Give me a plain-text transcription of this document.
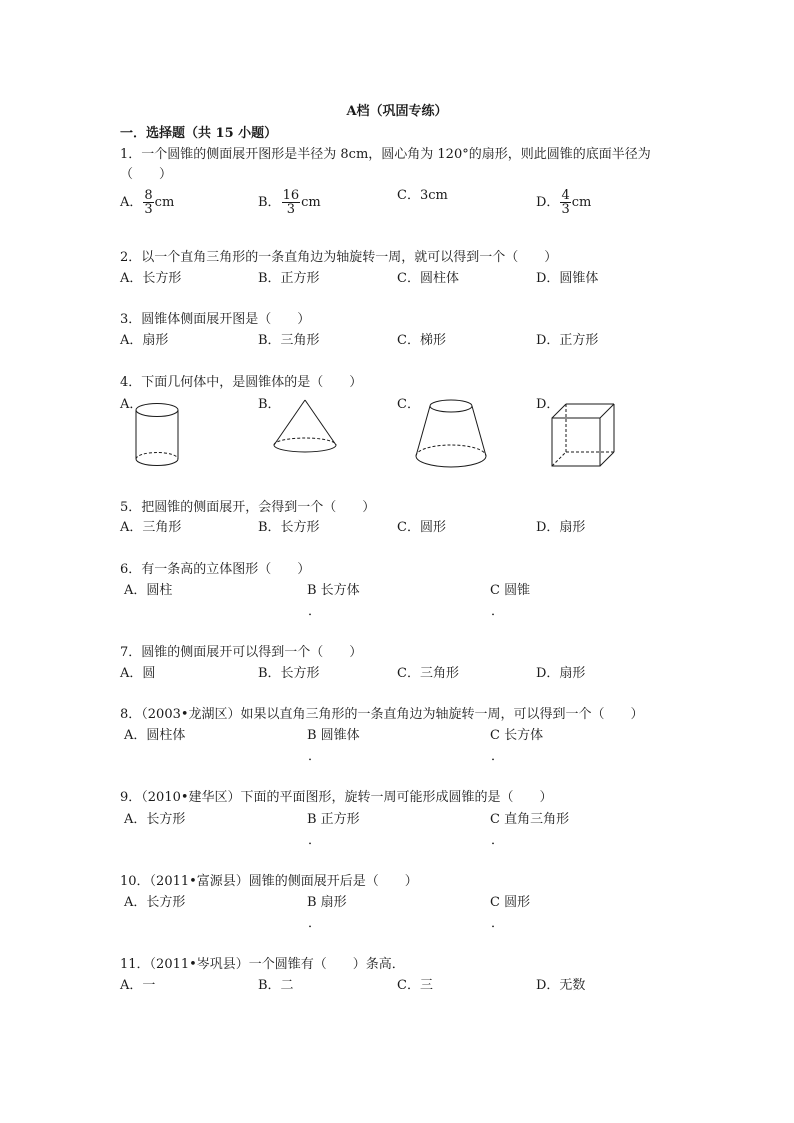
A档（巩固专练）
一．选择题（共 15 小题）
1．一个圆锥的侧面展开图形是半径为 8cm，圆心角为 120°的扇形，则此圆锥的底面半径为
（　　）
A． $\frac{8}{3}$ cm	B． $\frac{16}{3}$ cm	C．3cm	D． $\frac{4}{3}$ cm
2．以一个直角三角形的一条直角边为轴旋转一周，就可以得到一个（　　）
A．长方形	B．正方形	C．圆柱体	D．圆锥体
3．圆锥体侧面展开图是（　　）
A．扇形	B．三角形	C．梯形	D．正方形
4．下面几何体中，是圆锥体的是（　　）
A．	B．	C．	D．
5．把圆锥的侧面展开，会得到一个（　　）
A．三角形	B．长方形	C．圆形	D．扇形
6．有一条高的立体图形（　　）
A．圆柱	B 长方体	C 圆锥
．	．
7．圆锥的侧面展开可以得到一个（　　）
A．圆	B．长方形	C．三角形	D．扇形
8．（2003•龙湖区）如果以直角三角形的一条直角边为轴旋转一周，可以得到一个（　　）
A．圆柱体	B 圆锥体	C 长方体
．	．
9．（2010•建华区）下面的平面图形，旋转一周可能形成圆锥的是（　　）
A．长方形	B 正方形	C 直角三角形
．	．
10．（2011•富源县）圆锥的侧面展开后是（　　）
A．长方形	B 扇形	C 圆形
．	．
11．（2011•岑巩县）一个圆锥有（　　）条高．
A．一	B．二	C．三	D．无数
